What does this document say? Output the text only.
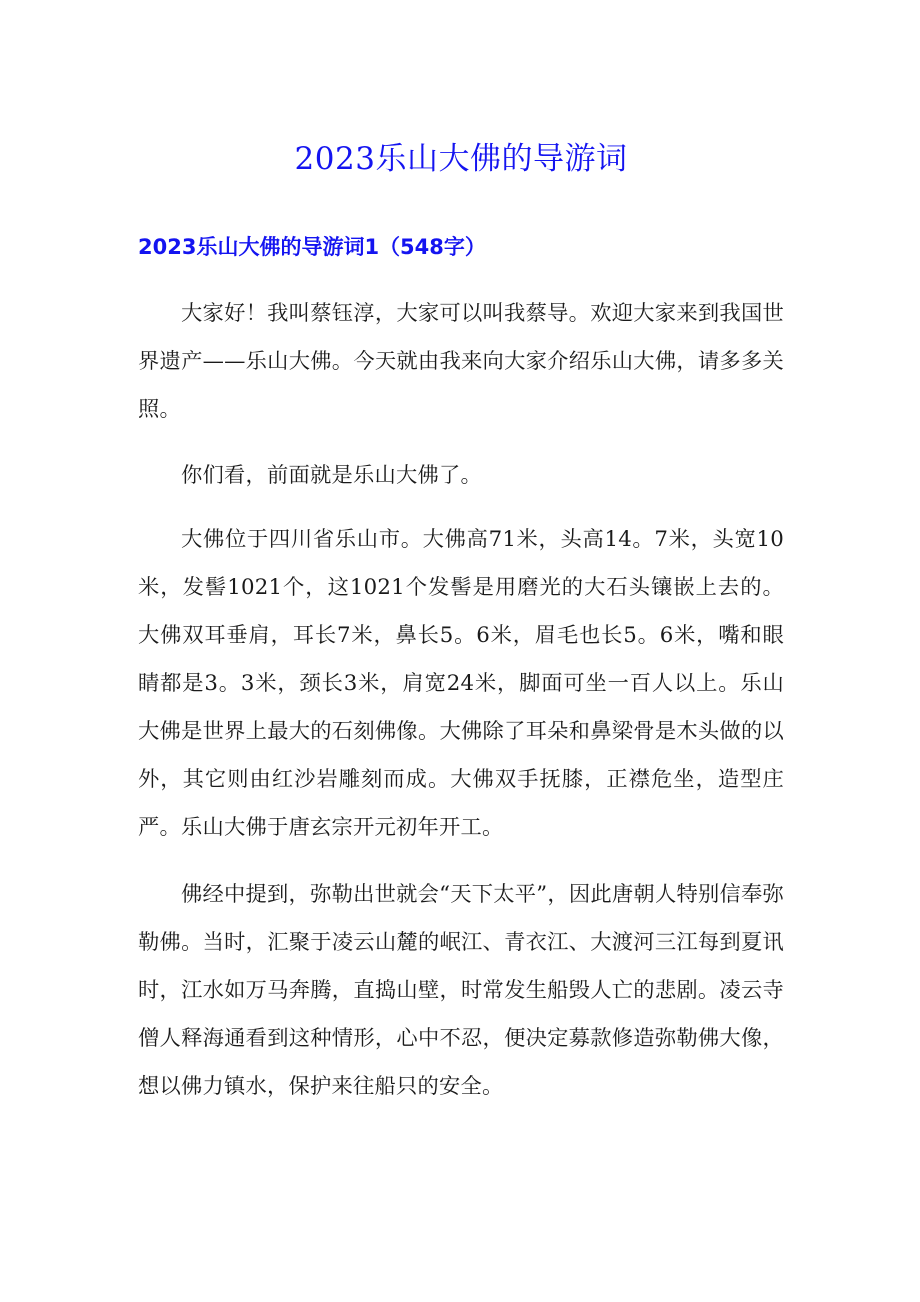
2023乐山大佛的导游词
2023乐山大佛的导游词1（548字）

大家好！我叫蔡钰淳，大家可以叫我蔡导。欢迎大家来到我国世界遗产——乐山大佛。今天就由我来向大家介绍乐山大佛，请多多关照。

你们看，前面就是乐山大佛了。

大佛位于四川省乐山市。大佛高71米，头高14。7米，头宽10米，发髻1021个，这1021个发髻是用磨光的大石头镶嵌上去的。大佛双耳垂肩，耳长7米，鼻长5。6米，眉毛也长5。6米，嘴和眼睛都是3。3米，颈长3米，肩宽24米，脚面可坐一百人以上。乐山大佛是世界上最大的石刻佛像。大佛除了耳朵和鼻梁骨是木头做的以外，其它则由红沙岩雕刻而成。大佛双手抚膝，正襟危坐，造型庄严。乐山大佛于唐玄宗开元初年开工。

佛经中提到，弥勒出世就会“天下太平”，因此唐朝人特别信奉弥勒佛。当时，汇聚于凌云山麓的岷江、青衣江、大渡河三江每到夏讯时，江水如万马奔腾，直捣山壁，时常发生船毁人亡的悲剧。凌云寺僧人释海通看到这种情形，心中不忍，便决定募款修造弥勒佛大像，想以佛力镇水，保护来往船只的安全。
